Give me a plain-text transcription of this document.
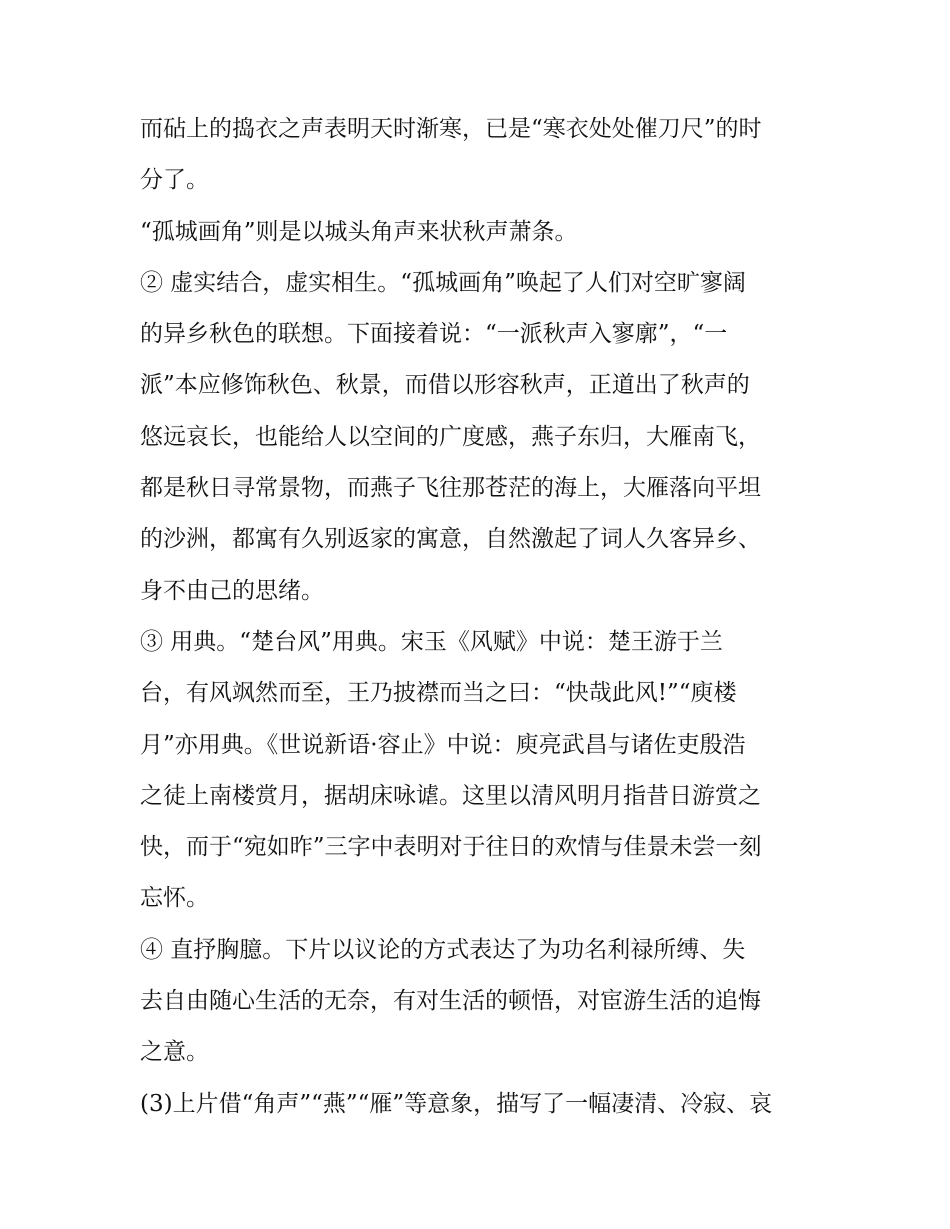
而砧上的捣衣之声表明天时渐寒，已是“寒衣处处催刀尺”的时
分了。
“孤城画角”则是以城头角声来状秋声萧条。
② 虚实结合，虚实相生。“孤城画角”唤起了人们对空旷寥阔
的异乡秋色的联想。下面接着说：“一派秋声入寥廓”，“一
派”本应修饰秋色、秋景，而借以形容秋声，正道出了秋声的
悠远哀长，也能给人以空间的广度感，燕子东归，大雁南飞，
都是秋日寻常景物，而燕子飞往那苍茫的海上，大雁落向平坦
的沙洲，都寓有久别返家的寓意，自然激起了词人久客异乡、
身不由己的思绪。
③ 用典。“楚台风”用典。宋玉《风赋》中说：楚王游于兰
台，有风飒然而至，王乃披襟而当之曰：“快哉此风!”“庾楼
月”亦用典。《世说新语·容止》中说：庾亮武昌与诸佐吏殷浩
之徒上南楼赏月，据胡床咏谑。这里以清风明月指昔日游赏之
快，而于“宛如昨”三字中表明对于往日的欢情与佳景未尝一刻
忘怀。
④ 直抒胸臆。下片以议论的方式表达了为功名利禄所缚、失
去自由随心生活的无奈，有对生活的顿悟，对宦游生活的追悔
之意。
(3)上片借“角声”“燕”“雁”等意象，描写了一幅凄清、冷寂、哀
